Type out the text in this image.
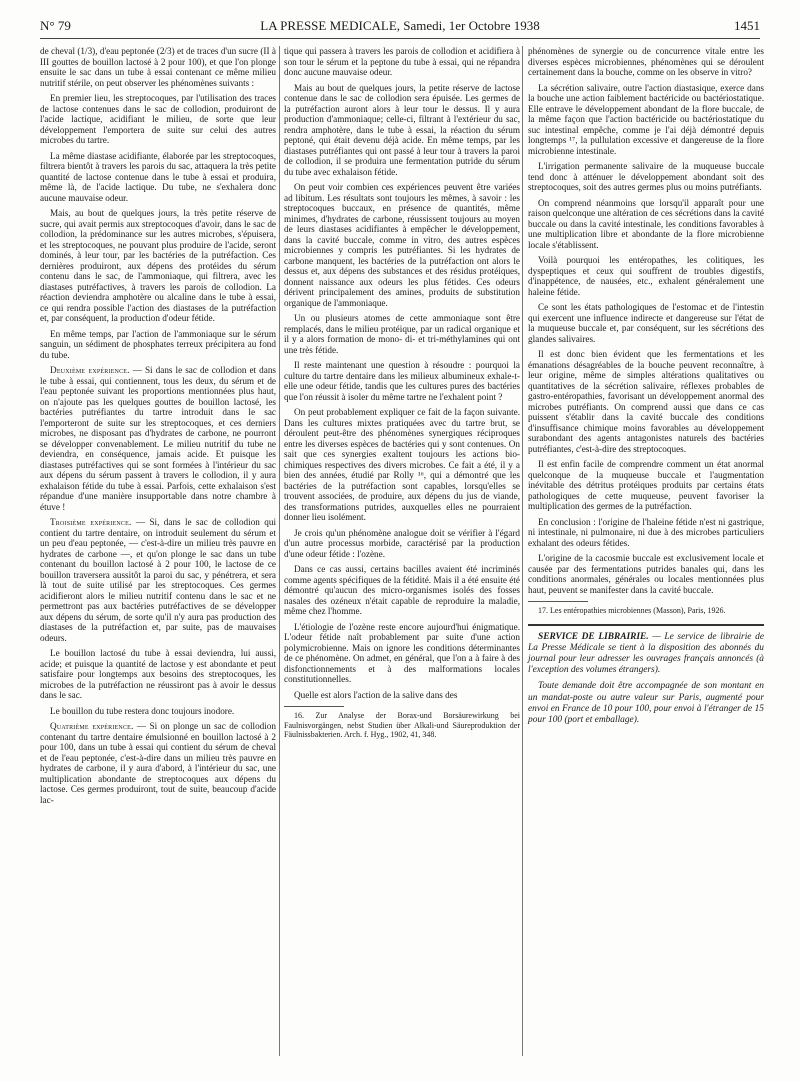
N° 79	LA PRESSE MEDICALE, Samedi, 1er Octobre 1938	1451

de cheval (1/3), d'eau peptonée (2/3) et de traces d'un sucre (II à III gouttes de bouillon lactosé à 2 pour 100), et que l'on plonge ensuite le sac dans un tube à essai contenant ce même milieu nutritif stérile, on peut observer les phénomènes suivants :

En premier lieu, les streptocoques, par l'utilisation des traces de lactose contenues dans le sac de collodion, produiront de l'acide lactique, acidifiant le milieu, de sorte que leur développement l'emportera de suite sur celui des autres microbes du tartre.

La même diastase acidifiante, élaborée par les streptocoques, filtrera bientôt à travers les parois du sac, attaquera la très petite quantité de lactose contenue dans le tube à essai et produira, même là, de l'acide lactique. Du tube, ne s'exhalera donc aucune mauvaise odeur.

Mais, au bout de quelques jours, la très petite réserve de sucre, qui avait permis aux streptocoques d'avoir, dans le sac de collodion, la prédominance sur les autres microbes, s'épuisera, et les streptocoques, ne pouvant plus produire de l'acide, seront dominés, à leur tour, par les bactéries de la putréfaction. Ces dernières produiront, aux dépens des protéides du sérum contenu dans le sac, de l'ammoniaque, qui filtrera, avec les diastases putréfactives, à travers les parois de collodion. La réaction deviendra amphotère ou alcaline dans le tube à essai, ce qui rendra possible l'action des diastases de la putréfaction et, par conséquent, la production d'odeur fétide.

En même temps, par l'action de l'ammoniaque sur le sérum sanguin, un sédiment de phosphates terreux précipitera au fond du tube.

Deuxième expérience. — Si dans le sac de collodion et dans le tube à essai, qui contiennent, tous les deux, du sérum et de l'eau peptonée suivant les proportions mentionnées plus haut, on n'ajoute pas les quelques gouttes de bouillon lactosé, les bactéries putréfiantes du tartre introduit dans le sac l'emporteront de suite sur les streptocoques, et ces derniers microbes, ne disposant pas d'hydrates de carbone, ne pourront se développer convenablement. Le milieu nutritif du tube ne deviendra, en conséquence, jamais acide. Et puisque les diastases putréfactives qui se sont formées à l'intérieur du sac aux dépens du sérum passent à travers le collodion, il y aura exhalaison fétide du tube à essai. Parfois, cette exhalaison s'est répandue d'une manière insupportable dans notre chambre à étuve !

Troisième expérience. — Si, dans le sac de collodion qui contient du tartre dentaire, on introduit seulement du sérum et un peu d'eau peptonée, — c'est-à-dire un milieu très pauvre en hydrates de carbone —, et qu'on plonge le sac dans un tube contenant du bouillon lactosé à 2 pour 100, le lactose de ce bouillon traversera aussitôt la paroi du sac, y pénétrera, et sera là tout de suite utilisé par les streptocoques. Ces germes acidifieront alors le milieu nutritif contenu dans le sac et ne permettront pas aux bactéries putréfactives de se développer aux dépens du sérum, de sorte qu'il n'y aura pas production des diastases de la putréfaction et, par suite, pas de mauvaises odeurs.

Le bouillon lactosé du tube à essai deviendra, lui aussi, acide; et puisque la quantité de lactose y est abondante et peut satisfaire pour longtemps aux besoins des streptocoques, les microbes de la putréfaction ne réussiront pas à avoir le dessus dans le sac.

Le bouillon du tube restera donc toujours inodore.

Quatrième expérience. — Si on plonge un sac de collodion contenant du tartre dentaire émulsionné en bouillon lactosé à 2 pour 100, dans un tube à essai qui contient du sérum de cheval et de l'eau peptonée, c'est-à-dire dans un milieu très pauvre en hydrates de carbone, il y aura d'abord, à l'intérieur du sac, une multiplication abondante de streptocoques aux dépens du lactose. Ces germes produiront, tout de suite, beaucoup d'acide lac-

tique qui passera à travers les parois de collodion et acidifiera à son tour le sérum et la peptone du tube à essai, qui ne répandra donc aucune mauvaise odeur.

Mais au bout de quelques jours, la petite réserve de lactose contenue dans le sac de collodion sera épuisée. Les germes de la putréfaction auront alors à leur tour le dessus. Il y aura production d'ammoniaque; celle-ci, filtrant à l'extérieur du sac, rendra amphotère, dans le tube à essai, la réaction du sérum peptoné, qui était devenu déjà acide. En même temps, par les diastases putréfiantes qui ont passé à leur tour à travers la paroi de collodion, il se produira une fermentation putride du sérum du tube avec exhalaison fétide.

On peut voir combien ces expériences peuvent être variées ad libitum. Les résultats sont toujours les mêmes, à savoir : les streptocoques buccaux, en présence de quantités, même minimes, d'hydrates de carbone, réussissent toujours au moyen de leurs diastases acidifiantes à empêcher le développement, dans la cavité buccale, comme in vitro, des autres espèces microbiennes y compris les putréfiantes. Si les hydrates de carbone manquent, les bactéries de la putréfaction ont alors le dessus et, aux dépens des substances et des résidus protéiques, donnent naissance aux odeurs les plus fétides. Ces odeurs dérivent principalement des amines, produits de substitution organique de l'ammoniaque.

Un ou plusieurs atomes de cette ammoniaque sont être remplacés, dans le milieu protéique, par un radical organique et il y a alors formation de mono- di- et tri-méthylamines qui ont une très fétide.

Il reste maintenant une question à résoudre : pourquoi la culture du tartre dentaire dans les milieux albumineux exhale-t-elle une odeur fétide, tandis que les cultures pures des bactéries que l'on réussit à isoler du même tartre ne l'exhalent point ?

On peut probablement expliquer ce fait de la façon suivante. Dans les cultures mixtes pratiquées avec du tartre brut, se déroulent peut-être des phénomènes synergiques réciproques entre les diverses espèces de bactéries qui y sont contenues. On sait que ces synergies exaltent toujours les actions bio-chimiques respectives des divers microbes. Ce fait a été, il y a bien des années, étudié par Rolly ¹⁶, qui a démontré que les bactéries de la putréfaction sont capables, lorsqu'elles se trouvent associées, de produire, aux dépens du jus de viande, des transformations putrides, auxquelles elles ne pourraient donner lieu isolément.

Je crois qu'un phénomène analogue doit se vérifier à l'égard d'un autre processus morbide, caractérisé par la production d'une odeur fétide : l'ozène.

Dans ce cas aussi, certains bacilles avaient été incriminés comme agents spécifiques de la fétidité. Mais il a été ensuite été démontré qu'aucun des micro-organismes isolés des fosses nasales des ozéneux n'était capable de reproduire la maladie, même chez l'homme.

L'étiologie de l'ozène reste encore aujourd'hui énigmatique. L'odeur fétide naît probablement par suite d'une action polymicrobienne. Mais on ignore les conditions déterminantes de ce phénomène. On admet, en général, que l'on a à faire à des disfonctionnements et à des malformations locales constitutionnelles.

Quelle est alors l'action de la salive dans des

16. Zur Analyse der Borax-und Borsäurewirkung bei Faulnisvorgängen, nebst Studien über Alkali-und Säureproduktion der Fäulnissbakterien. Arch. f. Hyg., 1902, 41, 348.

phénomènes de synergie ou de concurrence vitale entre les diverses espèces microbiennes, phénomènes qui se déroulent certainement dans la bouche, comme on les observe in vitro?

La sécrétion salivaire, outre l'action diastasique, exerce dans la bouche une action faiblement bactéricide ou bactériostatique. Elle entrave le développement abondant de la flore buccale, de la même façon que l'action bactéricide ou bactériostatique du suc intestinal empêche, comme je l'ai déjà démontré depuis longtemps ¹⁷, la pullulation excessive et dangereuse de la flore microbienne intestinale.

L'irrigation permanente salivaire de la muqueuse buccale tend donc à atténuer le développement abondant soit des streptocoques, soit des autres germes plus ou moins putréfiants.

On comprend néanmoins que lorsqu'il apparaît pour une raison quelconque une altération de ces sécrétions dans la cavité buccale ou dans la cavité intestinale, les conditions favorables à une multiplication libre et abondante de la flore microbienne locale s'établissent.

Voilà pourquoi les entéropathes, les colitiques, les dyspeptiques et ceux qui souffrent de troubles digestifs, d'inappétence, de nausées, etc., exhalent généralement une haleine fétide.

Ce sont les états pathologiques de l'estomac et de l'intestin qui exercent une influence indirecte et dangereuse sur l'état de la muqueuse buccale et, par conséquent, sur les sécrétions des glandes salivaires.

Il est donc bien évident que les fermentations et les émanations désagréables de la bouche peuvent reconnaître, à leur origine, même de simples altérations qualitatives ou quantitatives de la sécrétion salivaire, réflexes probables de gastro-entéropathies, favorisant un développement anormal des microbes putréfiants. On comprend aussi que dans ce cas puissent s'établir dans la cavité buccale des conditions d'insuffisance chimique moins favorables au développement surabondant des agents antagonistes naturels des bactéries putréfiantes, c'est-à-dire des streptocoques.

Il est enfin facile de comprendre comment un état anormal quelconque de la muqueuse buccale et l'augmentation inévitable des détritus protéiques produits par certains états pathologiques de cette muqueuse, peuvent favoriser la multiplication des germes de la putréfaction.

En conclusion : l'origine de l'haleine fétide n'est ni gastrique, ni intestinale, ni pulmonaire, ni due à des microbes particuliers exhalant des odeurs fétides.

L'origine de la cacosmie buccale est exclusivement locale et causée par des fermentations putrides banales qui, dans les conditions anormales, générales ou locales mentionnées plus haut, peuvent se manifester dans la cavité buccale.

17. Les entéropathies microbiennes (Masson), Paris, 1926.

SERVICE DE LIBRAIRIE. — Le service de librairie de La Presse Médicale se tient à la disposition des abonnés du journal pour leur adresser les ouvrages français annoncés (à l'exception des volumes étrangers).

Toute demande doit être accompagnée de son montant en un mandat-poste ou autre valeur sur Paris, augmenté pour envoi en France de 10 pour 100, pour envoi à l'étranger de 15 pour 100 (port et emballage).
